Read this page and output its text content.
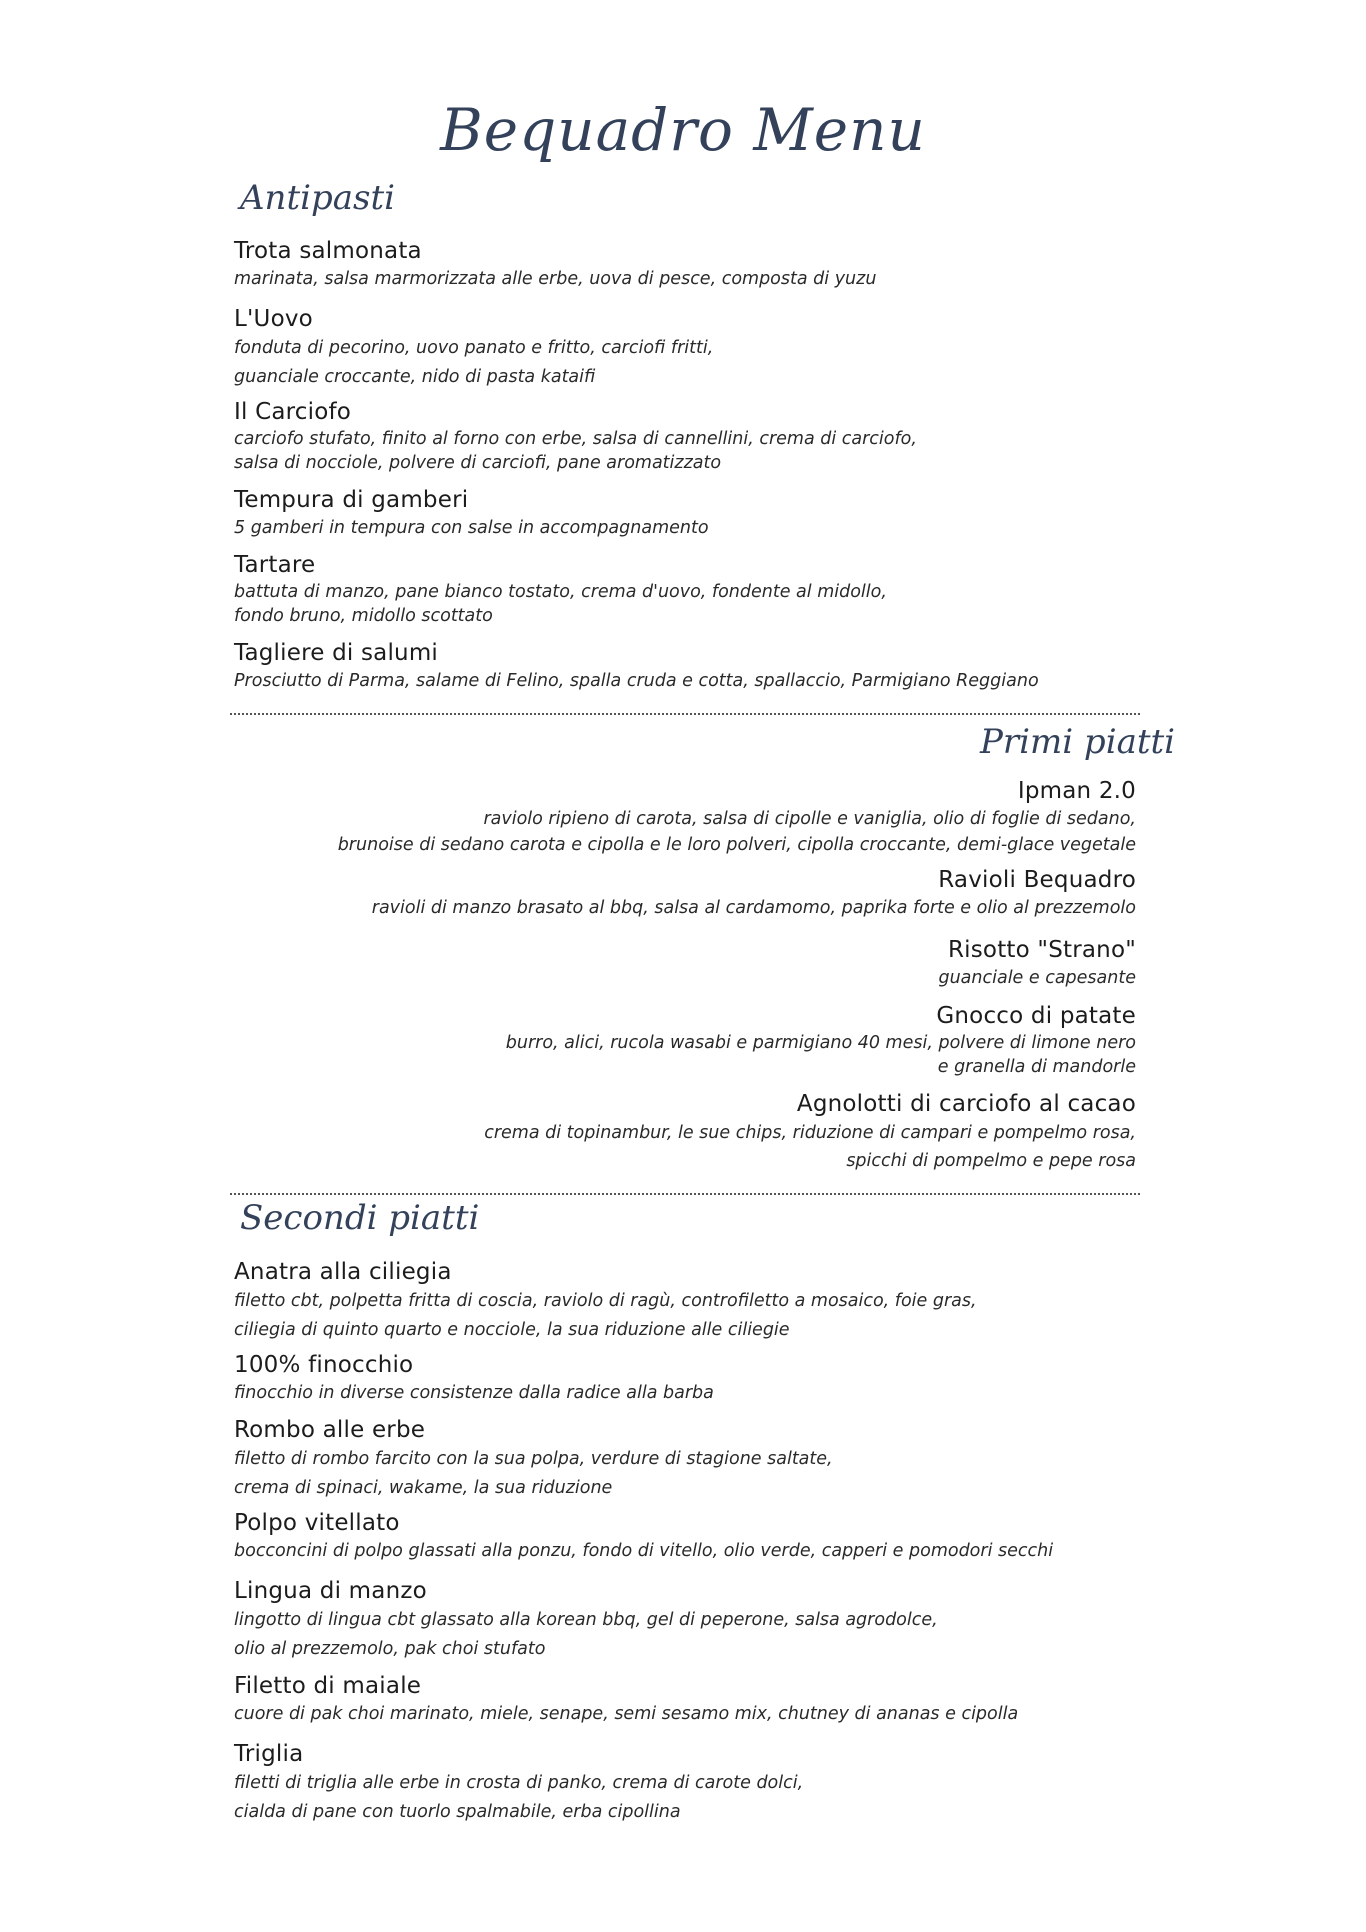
Bequadro Menu
Antipasti
Trota salmonata
marinata, salsa marmorizzata alle erbe, uova di pesce, composta di yuzu
L'Uovo
fonduta di pecorino, uovo panato e fritto, carciofi fritti,
guanciale croccante, nido di pasta kataifi
Il Carciofo
carciofo stufato, finito al forno con erbe, salsa di cannellini, crema di carciofo,
salsa di nocciole, polvere di carciofi, pane aromatizzato
Tempura di gamberi
5 gamberi in tempura con salse in accompagnamento
Tartare
battuta di manzo, pane bianco tostato, crema d'uovo, fondente al midollo,
fondo bruno, midollo scottato
Tagliere di salumi
Prosciutto di Parma, salame di Felino, spalla cruda e cotta, spallaccio, Parmigiano Reggiano
Primi piatti
Ipman 2.0
raviolo ripieno di carota, salsa di cipolle e vaniglia, olio di foglie di sedano,
brunoise di sedano carota e cipolla e le loro polveri, cipolla croccante, demi-glace vegetale
Ravioli Bequadro
ravioli di manzo brasato al bbq, salsa al cardamomo, paprika forte e olio al prezzemolo
Risotto "Strano"
guanciale e capesante
Gnocco di patate
burro, alici, rucola wasabi e parmigiano 40 mesi, polvere di limone nero
e granella di mandorle
Agnolotti di carciofo al cacao
crema di topinambur, le sue chips, riduzione di campari e pompelmo rosa,
spicchi di pompelmo e pepe rosa
Secondi piatti
Anatra alla ciliegia
filetto cbt, polpetta fritta di coscia, raviolo di ragù, controfiletto a mosaico, foie gras,
ciliegia di quinto quarto e nocciole, la sua riduzione alle ciliegie
100% finocchio
finocchio in diverse consistenze dalla radice alla barba
Rombo alle erbe
filetto di rombo farcito con la sua polpa, verdure di stagione saltate,
crema di spinaci, wakame, la sua riduzione
Polpo vitellato
bocconcini di polpo glassati alla ponzu, fondo di vitello, olio verde, capperi e pomodori secchi
Lingua di manzo
lingotto di lingua cbt glassato alla korean bbq, gel di peperone, salsa agrodolce,
olio al prezzemolo, pak choi stufato
Filetto di maiale
cuore di pak choi marinato, miele, senape, semi sesamo mix, chutney di ananas e cipolla
Triglia
filetti di triglia alle erbe in crosta di panko, crema di carote dolci,
cialda di pane con tuorlo spalmabile, erba cipollina
